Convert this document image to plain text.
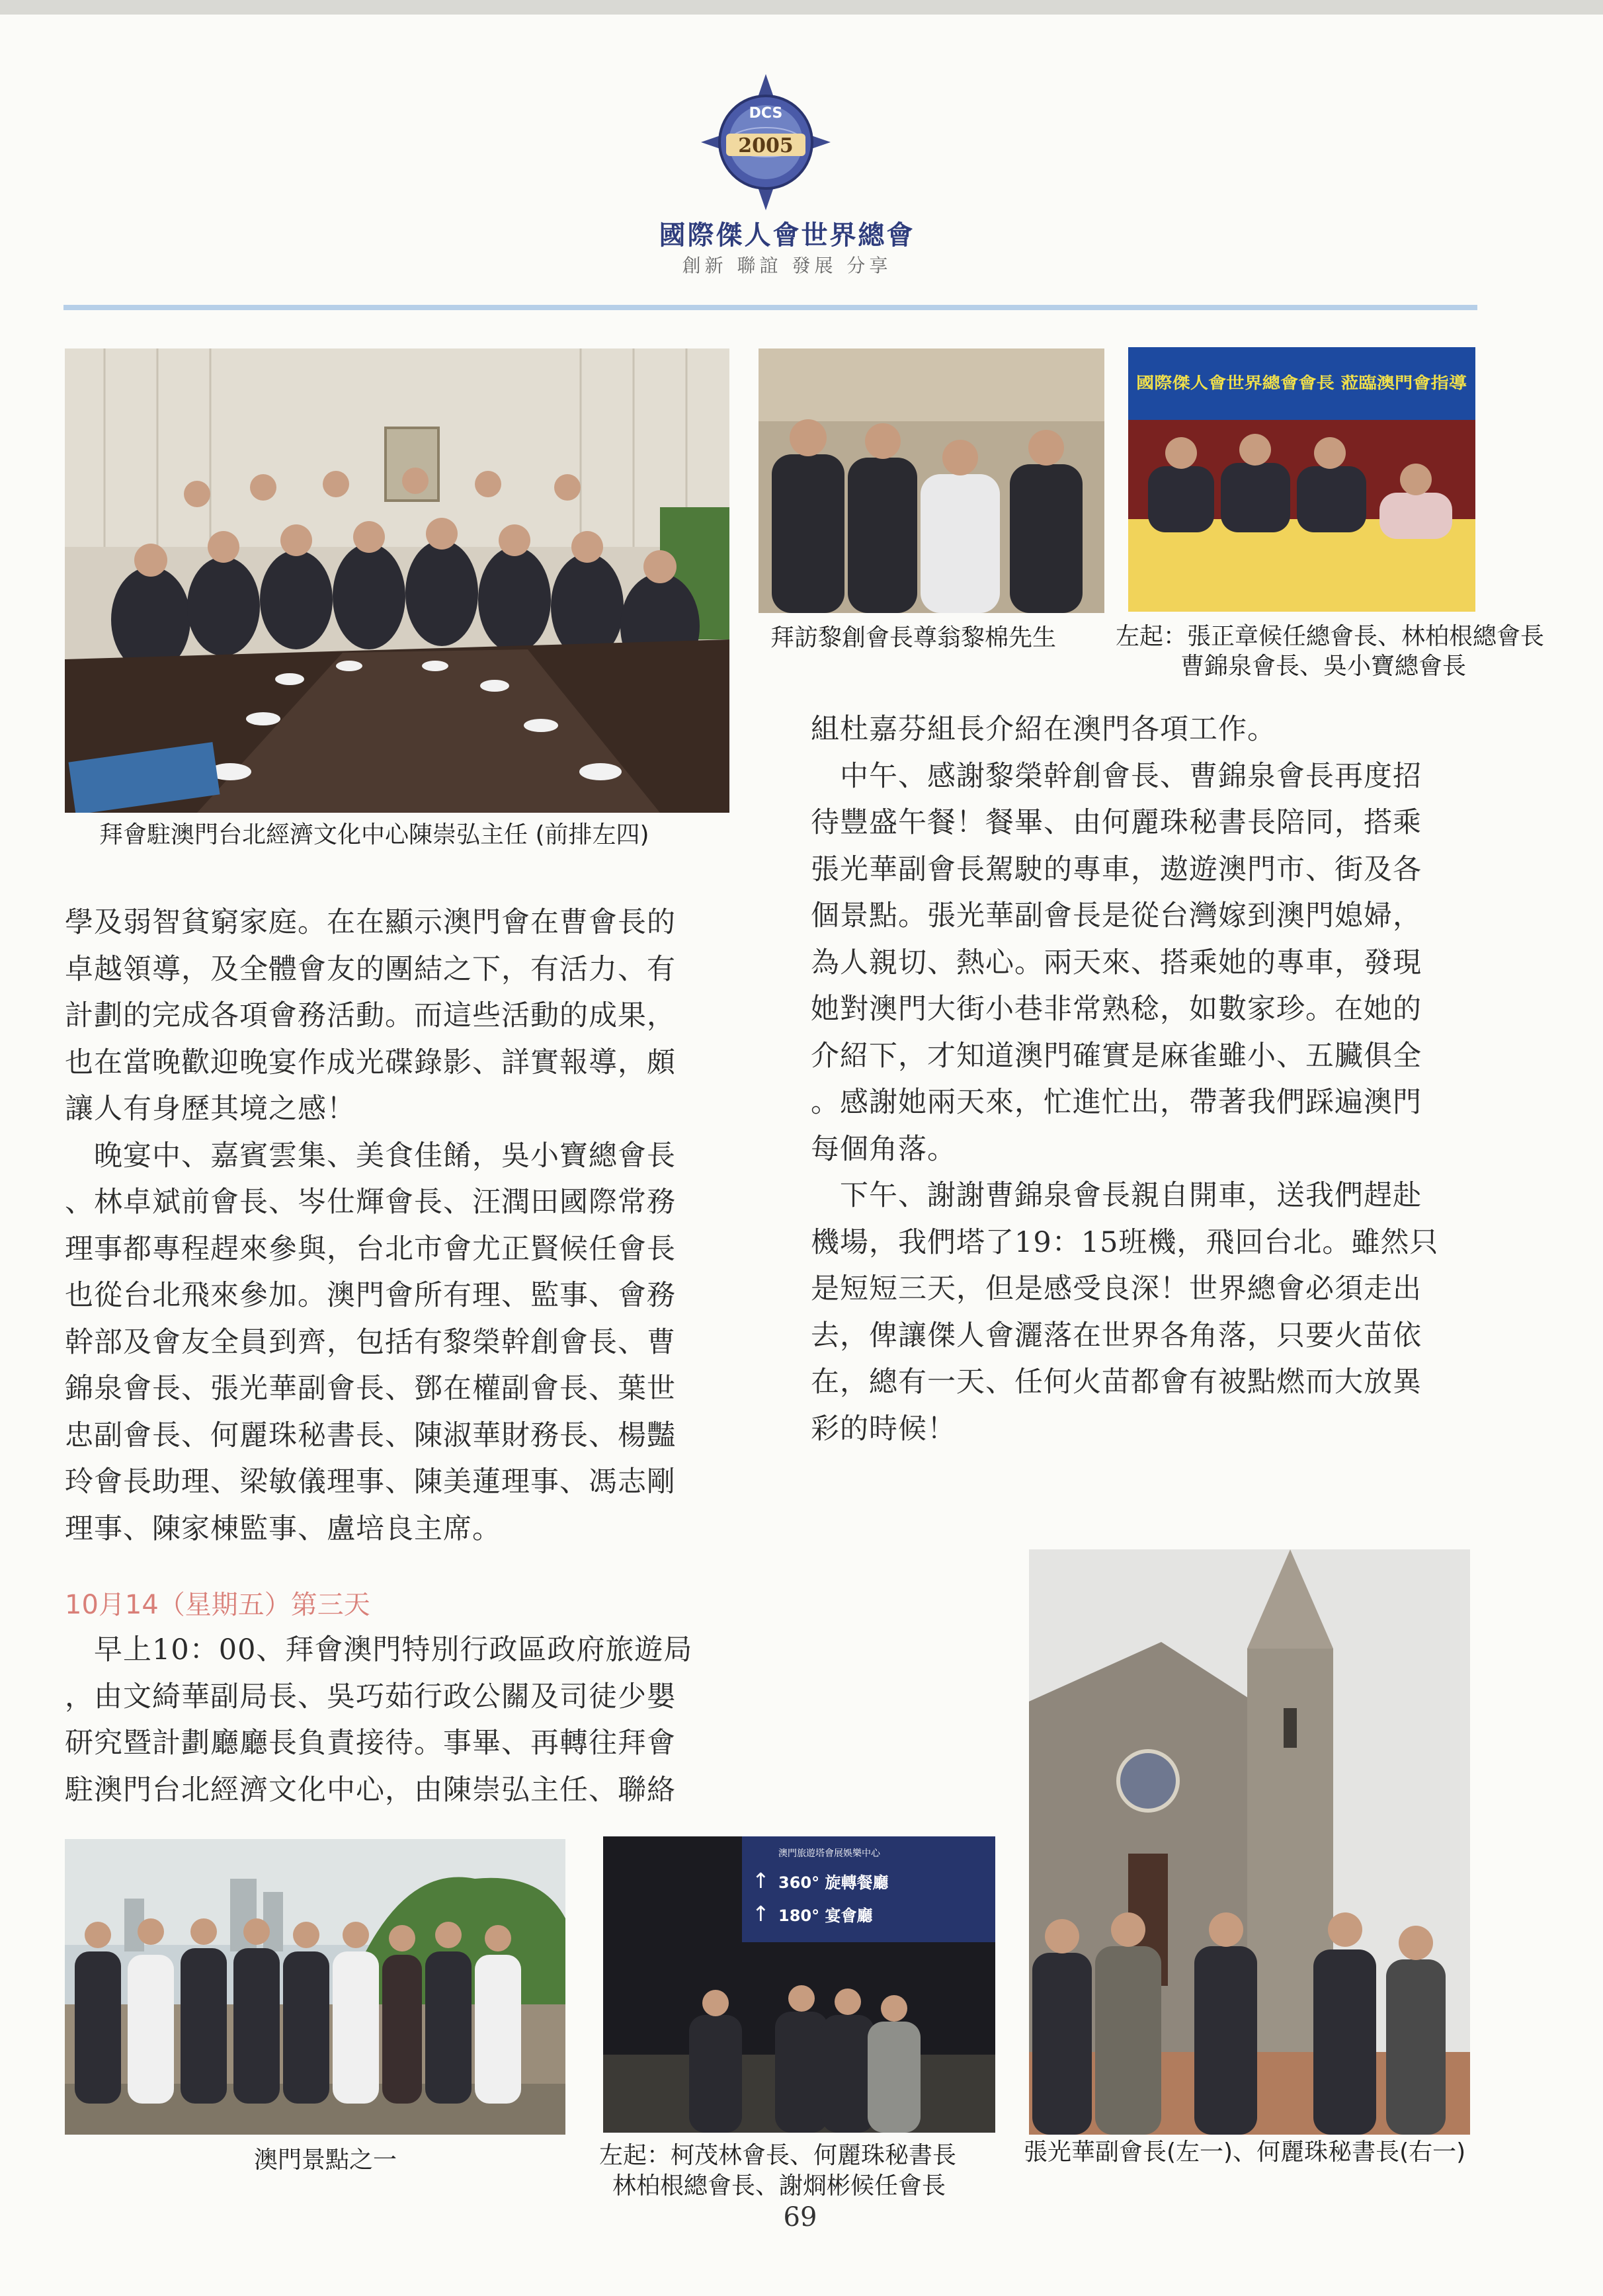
DCS
2005
國際傑人會世界總會
創新 聯誼 發展 分享
拜會駐澳門台北經濟文化中心陳崇弘主任 (前排左四)
拜訪黎創會長尊翁黎棉先生
國際傑人會世界總會會長 蒞臨澳門會指導
左起：張正章候任總會長、林柏根總會長
曹錦泉會長、吳小寶總會長
學及弱智貧窮家庭。在在顯示澳門會在曹會長的
卓越領導，及全體會友的團結之下，有活力、有
計劃的完成各項會務活動。而這些活動的成果，
也在當晚歡迎晚宴作成光碟錄影、詳實報導，頗
讓人有身歷其境之感！
　晚宴中、嘉賓雲集、美食佳餚，吳小寶總會長
、林卓斌前會長、岑仕輝會長、汪潤田國際常務
理事都專程趕來參與，台北市會尤正賢候任會長
也從台北飛來參加。澳門會所有理、監事、會務
幹部及會友全員到齊，包括有黎榮幹創會長、曹
錦泉會長、張光華副會長、鄧在權副會長、葉世
忠副會長、何麗珠秘書長、陳淑華財務長、楊豔
玲會長助理、梁敏儀理事、陳美蓮理事、馮志剛
理事、陳家棟監事、盧培良主席。
10月14（星期五）第三天
　早上10：00、拜會澳門特別行政區政府旅遊局
，由文綺華副局長、吳巧茹行政公關及司徒少嬰
研究暨計劃廳廳長負責接待。事畢、再轉往拜會
駐澳門台北經濟文化中心，由陳崇弘主任、聯絡
組杜嘉芬組長介紹在澳門各項工作。
　中午、感謝黎榮幹創會長、曹錦泉會長再度招
待豐盛午餐！餐畢、由何麗珠秘書長陪同，搭乘
張光華副會長駕駛的專車，遨遊澳門市、街及各
個景點。張光華副會長是從台灣嫁到澳門媳婦，
為人親切、熱心。兩天來、搭乘她的專車，發現
她對澳門大街小巷非常熟稔，如數家珍。在她的
介紹下，才知道澳門確實是麻雀雖小、五臟俱全
。感謝她兩天來，忙進忙出，帶著我們踩遍澳門
每個角落。
　下午、謝謝曹錦泉會長親自開車，送我們趕赴
機場，我們塔了19：15班機，飛回台北。雖然只
是短短三天，但是感受良深！世界總會必須走出
去，俾讓傑人會灑落在世界各角落，只要火苗依
在，總有一天、任何火苗都會有被點燃而大放異
彩的時候！
澳門景點之一
澳門旅遊塔會展娛樂中心
↑ 360° 旋轉餐廳
↑ 180° 宴會廳
左起：柯茂林會長、何麗珠秘書長
林柏根總會長、謝烱彬候任會長
張光華副會長(左一)、何麗珠秘書長(右一)
69
